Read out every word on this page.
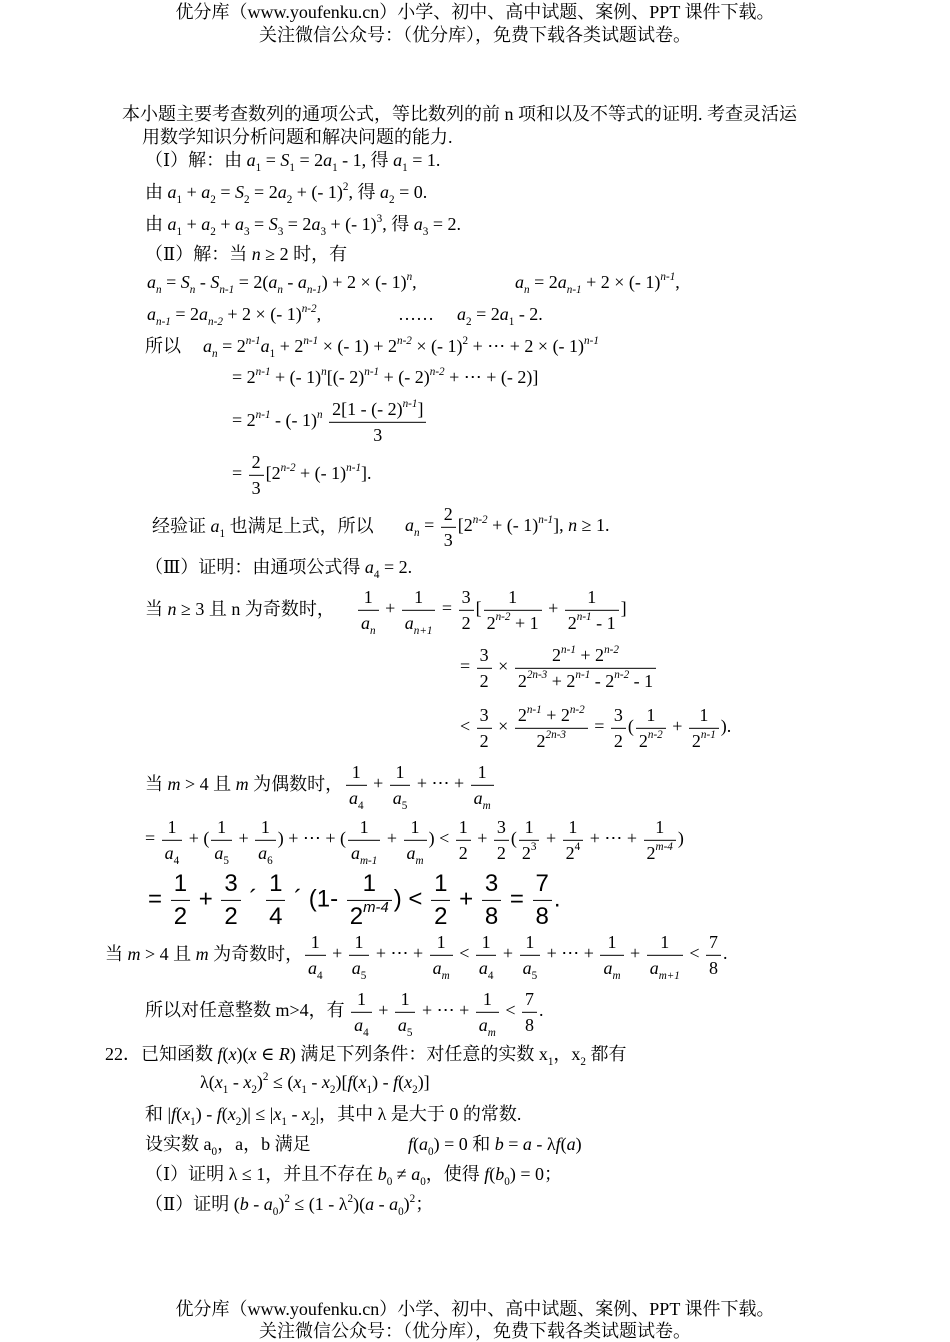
优分库（www.youfenku.cn）小学、初中、高中试题、案例、PPT 课件下载。
关注微信公众号：（优分库），免费下载各类试题试卷。
本小题主要考查数列的通项公式，等比数列的前 n 项和以及不等式的证明. 考查灵活运
用数学知识分析问题和解决问题的能力.
（Ⅰ）解：由 $a_1 = S_1 = 2a_1 - 1$, 得 $a_1 = 1$.
由 $a_1 + a_2 = S_2 = 2a_2$ + (- 1)$^2$, 得 $a_2 = 0$.
由 $a_1 + a_2 + a_3 = S_3 = 2a_3$ + (- 1)$^3$, 得 $a_3 = 2$.
（Ⅱ）解：当 n ≥ 2 时，有
$a_n = S_n - S_{n-1} = 2(a_n - a_{n-1}) + 2$ × (- 1)$^n$,	$a_n = 2a_{n-1} + 2$ × (- 1)$^{n-1}$,
$a_{n-1} = 2a_{n-2} + 2$ × (- 1)$^{n-2}$,	…… $a_2 = 2a_1 - 2$.
所以 $a_n = 2^{n-1}a_1 + 2^{n-1}$ × (- $1) + 2^{n-2}$ × (- 1)$^2$ + ⋯ + 2 × (- 1)$^{n-1}$
= $2^{n-1}$ + (- 1)$^n$[(- 2)$^{n-1}$ + (- 2)$^{n-2}$ + ⋯ + (- 2)]
= $2^{n-1}$ - (- $1)^n \frac{2[1 - (- 2)^{n-1}]}{3}$
= $\frac{2}{3} [2^{n-2}$ + (- 1)$^{n-1}$].
经验证 $a_1$ 也满足上式，所以 $a_n = \frac{2}{3} [2^{n-2}$ + (- 1)$^{n-1}$], n ≥ 1.
（Ⅲ）证明：由通项公式得 $a_4 = 2$.
当 n ≥ 3 且 n 为奇数时， $\frac{1}{a_n} + \frac{1}{a_{n+1}} = \frac{3}{2}$ [ $\frac{1}{2^{n-2} + 1} + \frac{1}{2^{n-1} - 1}$ ]
= $\frac{3}{2} \times \frac{2^{n-1} + 2^{n-2}}{2^{2n-3} + 2^{n-1} - 2^{n-2} - 1}$
< $\frac{3}{2} \times \frac{2^{n-1} + 2^{n-2}}{2^{2n-3}} = \frac{3}{2}$ ( $\frac{1}{2^{n-2}} + \frac{1}{2^{n-1}}$ ).
当 m > 4 且 m 为偶数时， $\frac{1}{a_4} + \frac{1}{a_5}$ + ⋯ + $\frac{1}{a_m}$
= $\frac{1}{a_4}$ + ( $\frac{1}{a_5} + \frac{1}{a_6}$ ) + ⋯ + ( $\frac{1}{a_{m-1}} + \frac{1}{a_m}$ ) < $\frac{1}{2} + \frac{3}{2}$ ( $\frac{1}{2^3} + \frac{1}{2^4}$ + ⋯ + $\frac{1}{2^{m-4}}$ )
= $\frac{1}{2} + \frac{3}{2}$ ´ $\frac{1}{4}$ ´ ($1- \frac{1}{2^{m-4}}$ ) < $\frac{1}{2} + \frac{3}{8} = \frac{7}{8}$ .
当 m > 4 且 m 为奇数时， $\frac{1}{a_4} + \frac{1}{a_5}$ + ⋯ + $\frac{1}{a_m} < \frac{1}{a_4} + \frac{1}{a_5}$ + ⋯ + $\frac{1}{a_m} + \frac{1}{a_{m+1}} < \frac{7}{8}$ .
所以对任意整数 m>4，有 $\frac{1}{a_4} + \frac{1}{a_5}$ + ⋯ + $\frac{1}{a_m} < \frac{7}{8}$ .
22．已知函数 f(x)(x ∈ R) 满足下列条件：对任意的实数 $x_1$，$x_2$ 都有
$\lambda(x_1 - x_2)^2 \le (x_1 - x_2)[f(x_1) - f(x_2)]$
和 $|f(x_1) - f(x_2)| \le |x_1 - x_2|$，其中 λ 是大于 0 的常数.
设实数 $a_0$，a，b 满足	$f(a_0) = 0$ 和 b = a - λf(a)
（Ⅰ）证明 λ ≤ 1，并且不存在 $b_0 \ne a_0$，使得 $f(b_0) = 0$；
（Ⅱ）证明 $(b - a_0)^2 \le (1 - \lambda^2)(a - a_0)^2$；
优分库（www.youfenku.cn）小学、初中、高中试题、案例、PPT 课件下载。
关注微信公众号：（优分库），免费下载各类试题试卷。
